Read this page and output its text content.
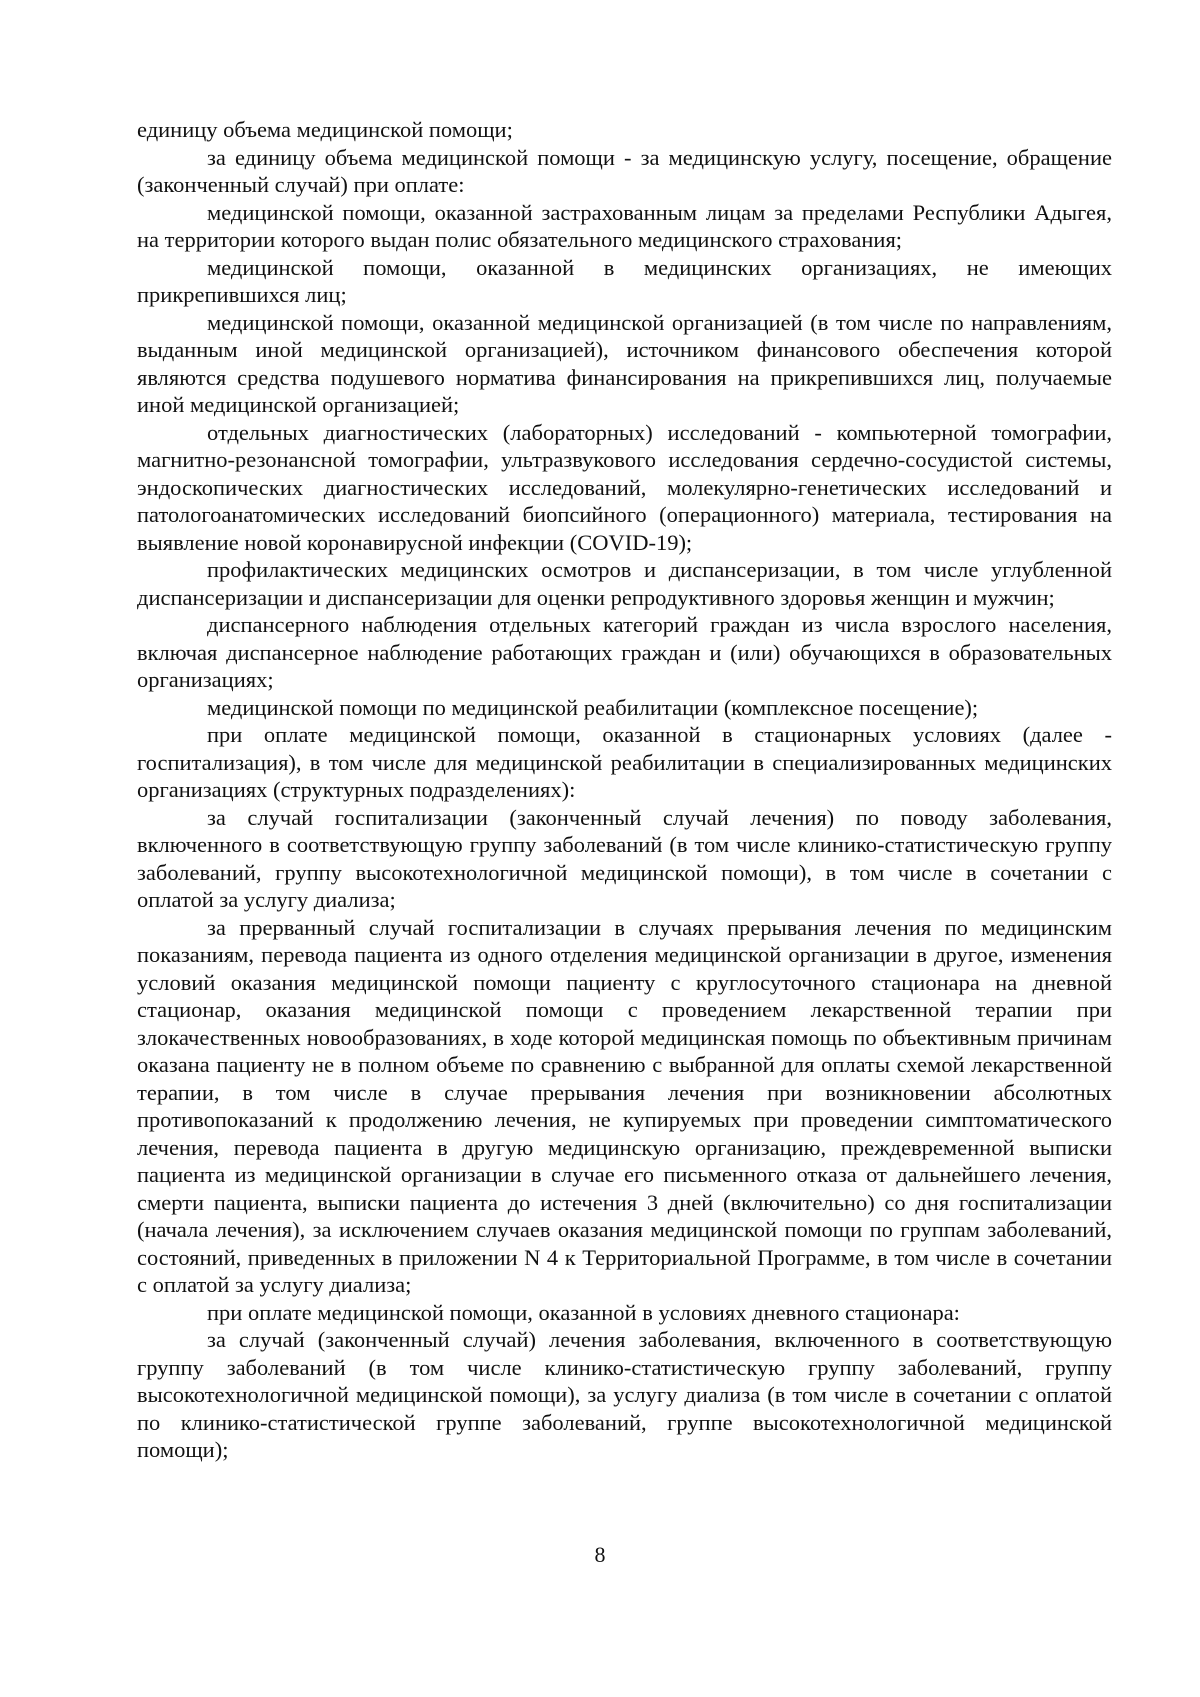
единицу объема медицинской помощи;

за единицу объема медицинской помощи - за медицинскую услугу, посещение, обращение (законченный случай) при оплате:

медицинской помощи, оказанной застрахованным лицам за пределами Республики Адыгея, на территории которого выдан полис обязательного медицинского страхования;

медицинской помощи, оказанной в медицинских организациях, не имеющих прикрепившихся лиц;

медицинской помощи, оказанной медицинской организацией (в том числе по направлениям, выданным иной медицинской организацией), источником финансового обеспечения которой являются средства подушевого норматива финансирования на прикрепившихся лиц, получаемые иной медицинской организацией;

отдельных диагностических (лабораторных) исследований - компьютерной томографии, магнитно-резонансной томографии, ультразвукового исследования сердечно-сосудистой системы, эндоскопических диагностических исследований, молекулярно-генетических исследований и патологоанатомических исследований биопсийного (операционного) материала, тестирования на выявление новой коронавирусной инфекции (COVID-19);

профилактических медицинских осмотров и диспансеризации, в том числе углубленной диспансеризации и диспансеризации для оценки репродуктивного здоровья женщин и мужчин;

диспансерного наблюдения отдельных категорий граждан из числа взрослого населения, включая диспансерное наблюдение работающих граждан и (или) обучающихся в образовательных организациях;

медицинской помощи по медицинской реабилитации (комплексное посещение);

при оплате медицинской помощи, оказанной в стационарных условиях (далее - госпитализация), в том числе для медицинской реабилитации в специализированных медицинских организациях (структурных подразделениях):

за случай госпитализации (законченный случай лечения) по поводу заболевания, включенного в соответствующую группу заболеваний (в том числе клинико-статистическую группу заболеваний, группу высокотехнологичной медицинской помощи), в том числе в сочетании с оплатой за услугу диализа;

за прерванный случай госпитализации в случаях прерывания лечения по медицинским показаниям, перевода пациента из одного отделения медицинской организации в другое, изменения условий оказания медицинской помощи пациенту с круглосуточного стационара на дневной стационар, оказания медицинской помощи с проведением лекарственной терапии при злокачественных новообразованиях, в ходе которой медицинская помощь по объективным причинам оказана пациенту не в полном объеме по сравнению с выбранной для оплаты схемой лекарственной терапии, в том числе в случае прерывания лечения при возникновении абсолютных противопоказаний к продолжению лечения, не купируемых при проведении симптоматического лечения, перевода пациента в другую медицинскую организацию, преждевременной выписки пациента из медицинской организации в случае его письменного отказа от дальнейшего лечения, смерти пациента, выписки пациента до истечения 3 дней (включительно) со дня госпитализации (начала лечения), за исключением случаев оказания медицинской помощи по группам заболеваний, состояний, приведенных в приложении N 4 к Территориальной Программе, в том числе в сочетании с оплатой за услугу диализа;

при оплате медицинской помощи, оказанной в условиях дневного стационара:

за случай (законченный случай) лечения заболевания, включенного в соответствующую группу заболеваний (в том числе клинико-статистическую группу заболеваний, группу высокотехнологичной медицинской помощи), за услугу диализа (в том числе в сочетании с оплатой по клинико-статистической группе заболеваний, группе высокотехнологичной медицинской помощи);

8
